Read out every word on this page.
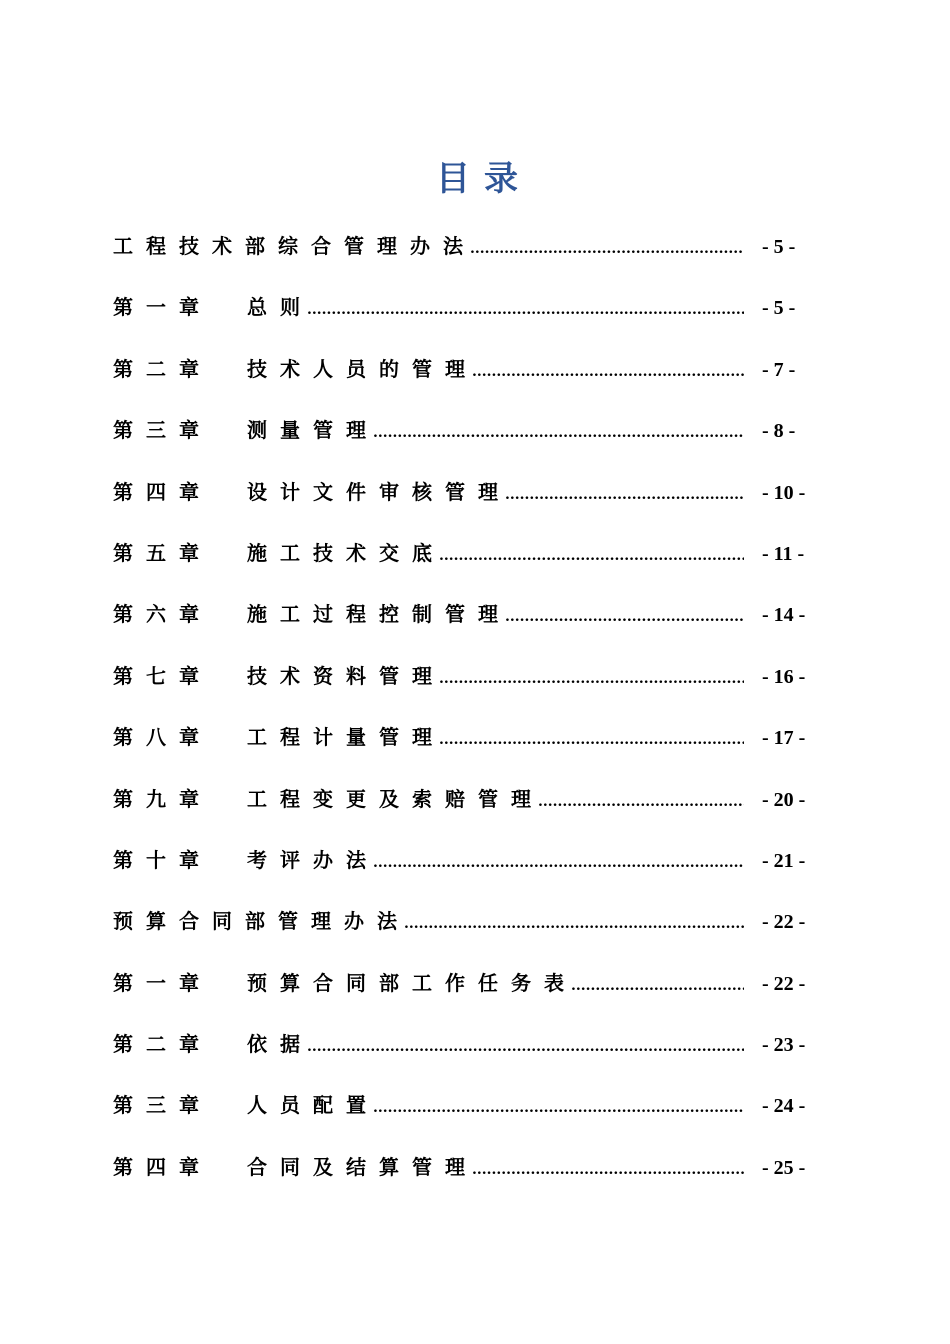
目录
工程技术部综合管理办法 .....	- 5 -
第一章	总则 .....	- 5 -
第二章	技术人员的管理 .....	- 7 -
第三章	测量管理 .....	- 8 -
第四章	设计文件审核管理 .....	- 10 -
第五章	施工技术交底 .....	- 11 -
第六章	施工过程控制管理 .....	- 14 -
第七章	技术资料管理 .....	- 16 -
第八章	工程计量管理 .....	- 17 -
第九章	工程变更及索赔管理 .....	- 20 -
第十章	考评办法 .....	- 21 -
预算合同部管理办法 .....	- 22 -
第一章	预算合同部工作任务表 .....	- 22 -
第二章	依据 .....	- 23 -
第三章	人员配置 .....	- 24 -
第四章	合同及结算管理 .....	- 25 -
